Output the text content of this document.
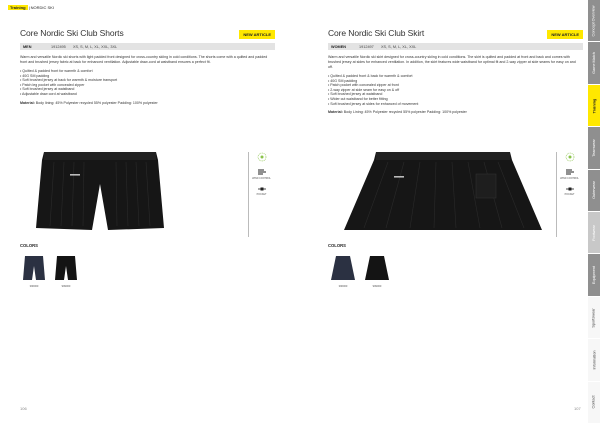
Training |NORDIC SKI
Core Nordic Ski Club Shorts	NEW ARTICLE
MEN	1912495	XS, S, M, L, XL, XXL, 3XL

Warm and versatile Nordic ski shorts with light padded front designed for cross-country skiing in cold conditions. The shorts come with a quilted and padded front and brushed jersey fabric at back for enhanced ventilation. Adjustable draw-cord at waistband ensures a perfect fit.

• Quilted & padded front for warmth & comfort
• 40G SM padding
• Soft brushed jersey at back for warmth & moisture transport
• Patch leg pocket with concealed zipper
• Soft brushed jersey at waistband
• Adjustable draw cord at waistband

Material: Body lining: 45% Polyester recycled 55% polyester Padding: 100% polyester

WIND CONTROL
POCKET
COLORS
396000	999000
106
Core Nordic Ski Club Skirt	NEW ARTICLE
WOMEN	1912497	XS, S, M, L, XL, XXL

Warm and versatile Nordic ski skirt designed for cross-country skiing in cold conditions. The skirt is quilted and padded at front and back and comes with brushed jersey at sides for enhanced ventilation. In addition, the skirt features wide waistband for optimal fit and 2-way zipper at side seams for easy on and off.

• Quilted & padded front & back for warmth & comfort
• 40G SM padding
• Patch pocket with concealed zipper at front
• 2-way zipper at side seam for easy on & off
• Soft brushed jersey at waistband
• Wider cut waistband for better fitting
• Soft brushed jersey at sides for enhanced of movement

Material: Body Lining: 45% Polyester recycled 55% polyester Padding: 100% polyester

WIND CONTROL
POCKET
COLORS
396000	999000
107
Concept Overview
Game Match
Training
Teamwear
Outerwear
Footwear
Equipment
Sportswear
Information
Contact
